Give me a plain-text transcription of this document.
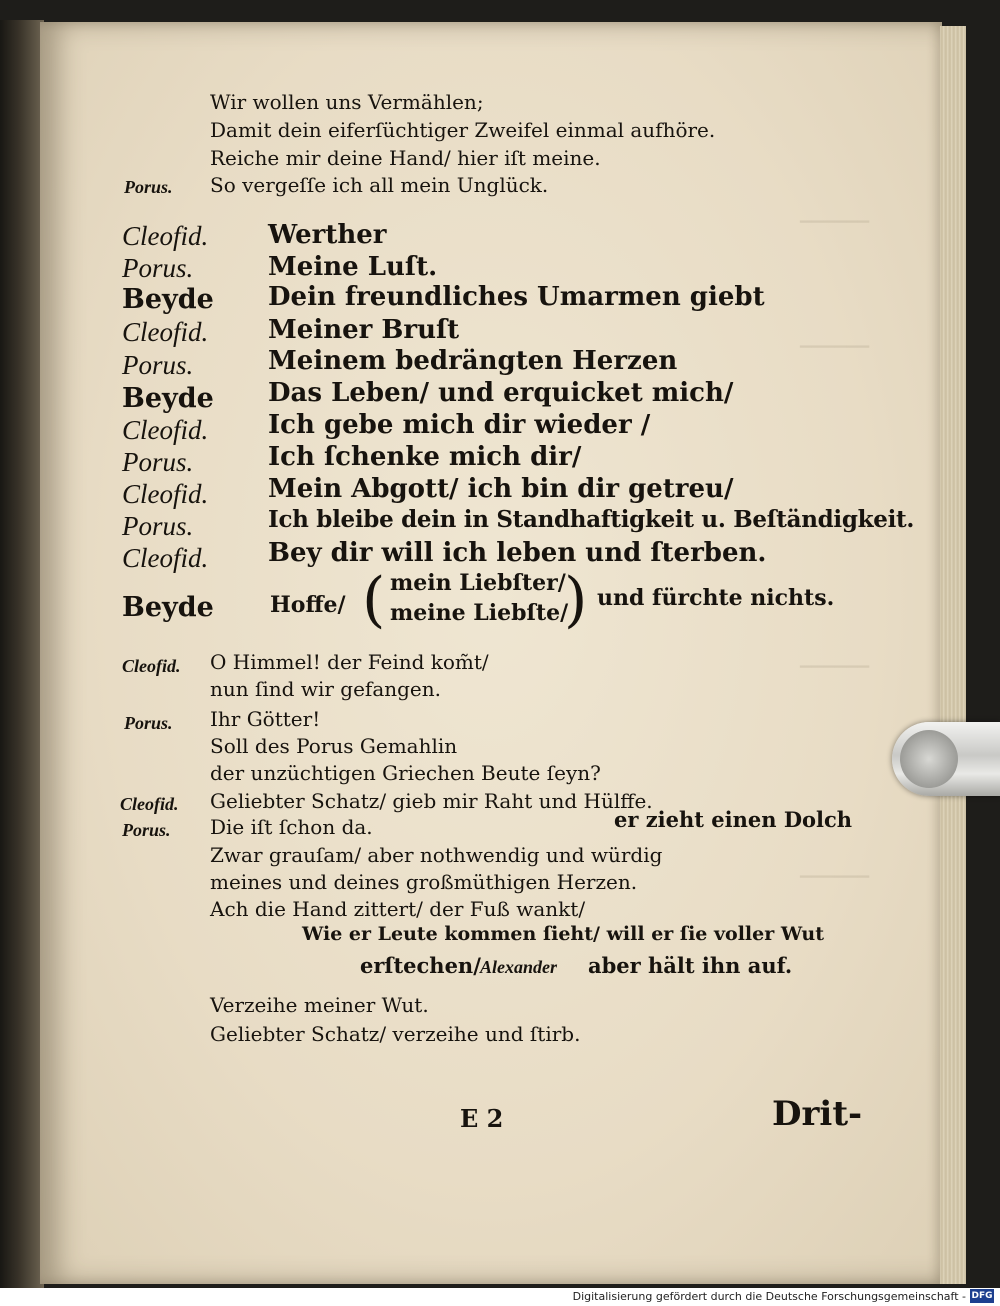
▁▁▁▁▁▁
▁▁▁▁▁▁
▁▁▁▁▁▁
▁▁▁▁▁▁
Wir wollen uns Vermählen;
Damit dein eiferſüchtiger Zweifel einmal aufhöre.
Reiche mir deine Hand/ hier iſt meine.
Porus. So vergeſſe ich all mein Unglück.
Cleofid. Werther
Porus.	Meine Luſt.
Beyde Dein freundliches Umarmen giebt
Cleofid. Meiner Bruſt
Porus.	Meinem bedrängten Herzen
Beyde Das Leben/ und erquicket mich/
Cleofid. Ich gebe mich dir wieder /
Porus.	Ich ſchenke mich dir/
Cleofid. Mein Abgott/ ich bin dir getreu/
Porus.	Ich bleibe dein in Standhaftigkeit u. Beſtändigkeit.
Cleofid. Bey dir will ich leben und ſterben.
Beyde	Hoffe/ ( mein Liebſter/
meine Liebſte/
) und fürchte nichts.
Cleofid. O Himmel! der Feind kom̃t/
nun ſind wir gefangen.
Porus. Ihr Götter!
Soll des Porus Gemahlin
der unzüchtigen Griechen Beute ſeyn?
Cleofid. Geliebter Schatz/ gieb mir Raht und Hülffe.
Porus. Die iſt ſchon da.	er zieht einen Dolch
Zwar grauſam/ aber nothwendig und würdig
meines und deines großmüthigen Herzen.
Ach die Hand zittert/ der Fuß wankt/
Wie er Leute kommen ſieht/ will er ſie voller Wut
erſtechen/ Alexander aber hält ihn auf.
Verzeihe meiner Wut.
Geliebter Schatz/ verzeihe und ſtirb.
E 2	Drit-
Digitalisierung gefördert durch die Deutsche Forschungsgemeinschaft - DFG
